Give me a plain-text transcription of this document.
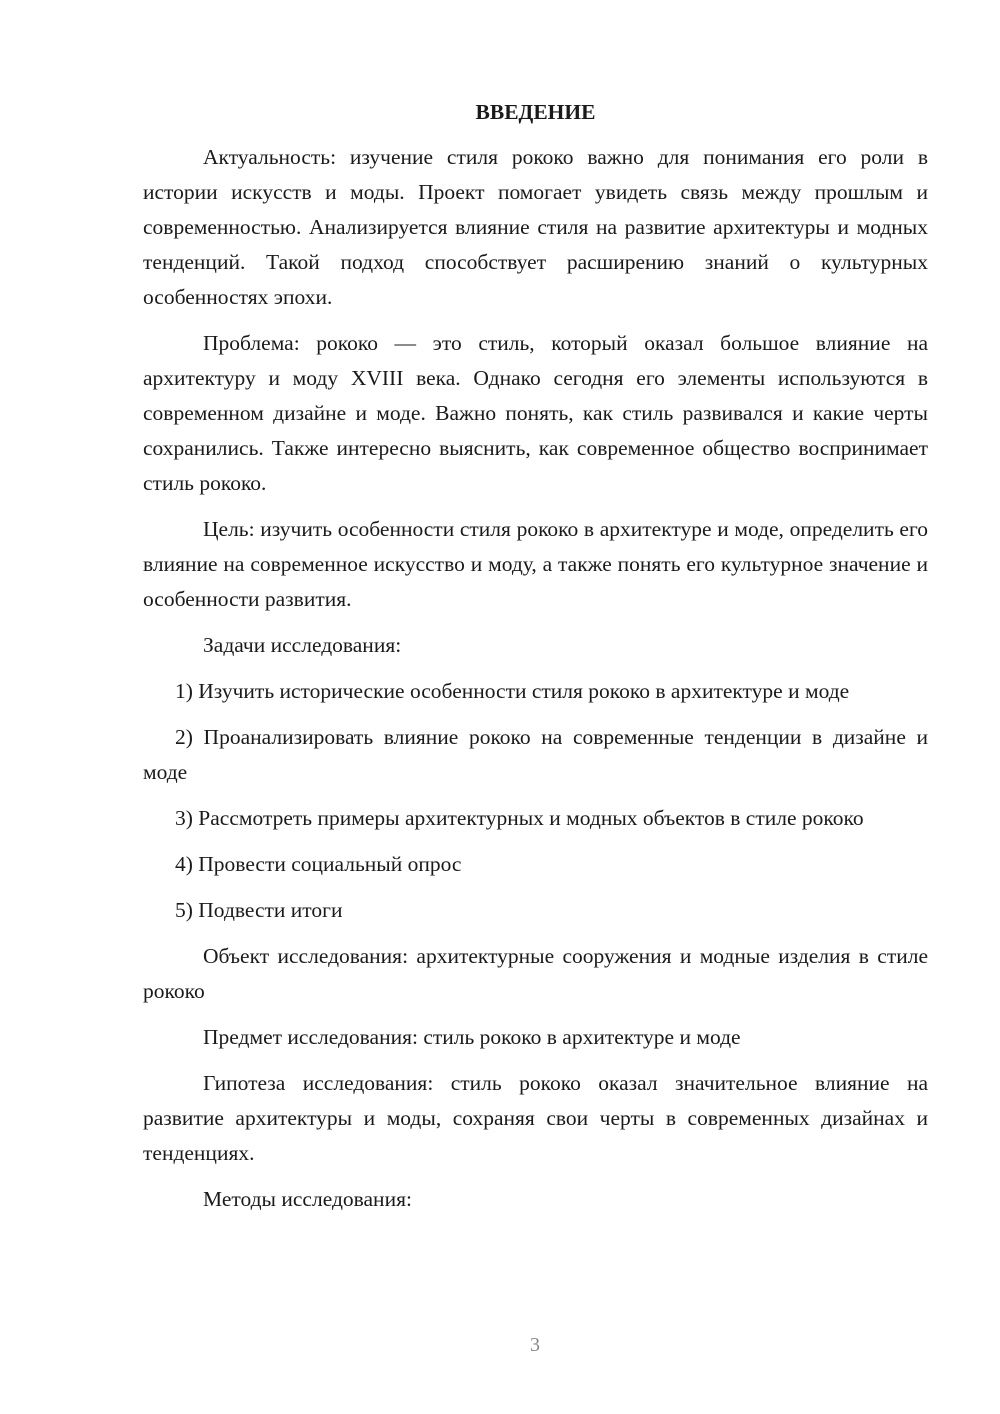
ВВЕДЕНИЕ

Актуальность: изучение стиля рококо важно для понимания его роли в истории искусств и моды. Проект помогает увидеть связь между прошлым и современностью. Анализируется влияние стиля на развитие архитектуры и модных тенденций. Такой подход способствует расширению знаний о культурных особенностях эпохи.

Проблема: рококо — это стиль, который оказал большое влияние на архитектуру и моду XVIII века. Однако сегодня его элементы используются в современном дизайне и моде. Важно понять, как стиль развивался и какие черты сохранились. Также интересно выяснить, как современное общество воспринимает стиль рококо.

Цель: изучить особенности стиля рококо в архитектуре и моде, определить его влияние на современное искусство и моду, а также понять его культурное значение и особенности развития.

Задачи исследования:

1) Изучить исторические особенности стиля рококо в архитектуре и моде

2) Проанализировать влияние рококо на современные тенденции в дизайне и моде

3) Рассмотреть примеры архитектурных и модных объектов в стиле рококо

4) Провести социальный опрос

5) Подвести итоги

Объект исследования: архитектурные сооружения и модные изделия в стиле рококо

Предмет исследования: стиль рококо в архитектуре и моде

Гипотеза исследования: стиль рококо оказал значительное влияние на развитие архитектуры и моды, сохраняя свои черты в современных дизайнах и тенденциях.

Методы исследования:

3
